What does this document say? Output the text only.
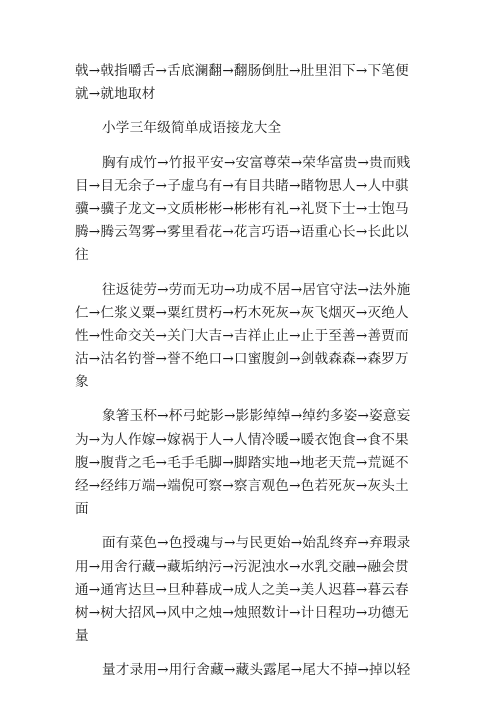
戟→戟指嚼舌→舌底澜翻→翻肠倒肚→肚里泪下→下笔便
就→就地取材
小学三年级简单成语接龙大全
胸有成竹→竹报平安→安富尊荣→荣华富贵→贵而贱
目→目无余子→子虚乌有→有目共睹→睹物思人→人中骐
骥→骥子龙文→文质彬彬→彬彬有礼→礼贤下士→士饱马
腾→腾云驾雾→雾里看花→花言巧语→语重心长→长此以
往
往返徒劳→劳而无功→功成不居→居官守法→法外施
仁→仁浆义粟→粟红贯朽→朽木死灰→灰飞烟灭→灭绝人
性→性命交关→关门大吉→吉祥止止→止于至善→善贾而
沽→沽名钓誉→誉不绝口→口蜜腹剑→剑戟森森→森罗万
象
象箸玉杯→杯弓蛇影→影影绰绰→绰约多姿→姿意妄
为→为人作嫁→嫁祸于人→人情冷暖→暖衣饱食→食不果
腹→腹背之毛→毛手毛脚→脚踏实地→地老天荒→荒诞不
经→经纬万端→端倪可察→察言观色→色若死灰→灰头土
面
面有菜色→色授魂与→与民更始→始乱终弃→弃瑕录
用→用舍行藏→藏垢纳污→污泥浊水→水乳交融→融会贯
通→通宵达旦→旦种暮成→成人之美→美人迟暮→暮云春
树→树大招风→风中之烛→烛照数计→计日程功→功德无
量
量才录用→用行舍藏→藏头露尾→尾大不掉→掉以轻
